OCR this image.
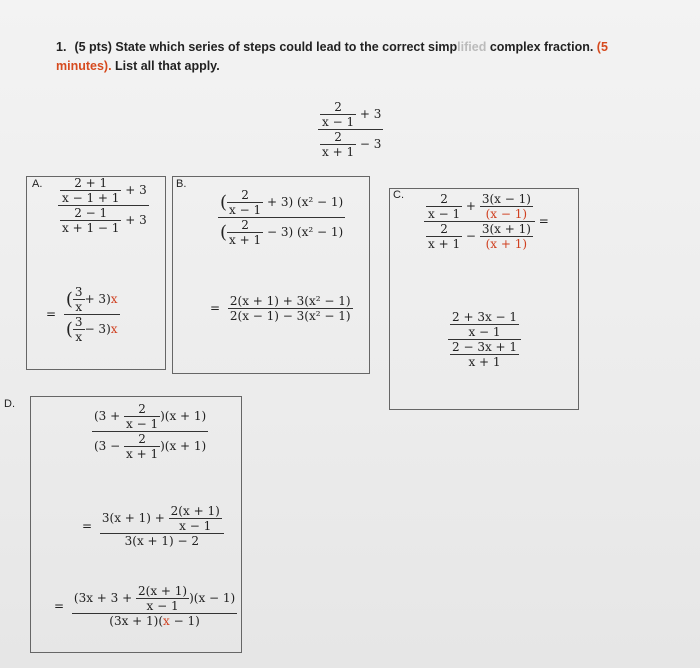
1. (5 pts) State which series of steps could lead to the correct simplified complex fraction. (5 minutes). List all that apply.
$\frac{\frac{2}{x - 1} + 3}{\frac{2}{x + 1} - 3}$
A. $\frac{\frac{2 + 1}{x - 1 + 1} + 3}{\frac{2 - 1}{x + 1 - 1} + 3}$
= $\frac{( \frac{3}{x} + 3)x}{( \frac{3}{x} - 3)x}$
B.
$\frac{( \frac{2}{x - 1} + 3) (x^2 - 1)}{( \frac{2}{x + 1} - 3) (x^2 - 1)}$
= $\frac{\text{2(x + 1) + 3(x² − 1)}}{\text{2(x − 1) − 3(x² − 1)}}$
C. $\frac{\frac{2}{x - 1} + \frac{3(x - 1)}{(x - 1)}}{\frac{2}{x + 1} - \frac{3(x + 1)}{(x + 1)}}$ =
$\frac{\frac{2 + 3x - 1}{x - 1}}{\frac{2 - 3x + 1}{x + 1}}$
D.	$\frac{(3 + \frac{2}{x - 1} )(x + 1)}{(3 - \frac{2}{x + 1} )(x + 1)}$
= $\frac{3(x + 1) + \frac{2(x + 1)}{x - 1}}{3(x + 1) - 2}$
= $\frac{(3x + 3 + \frac{2(x + 1)}{x - 1} )(x - 1)}{(3x + 1)(x - 1)}$
